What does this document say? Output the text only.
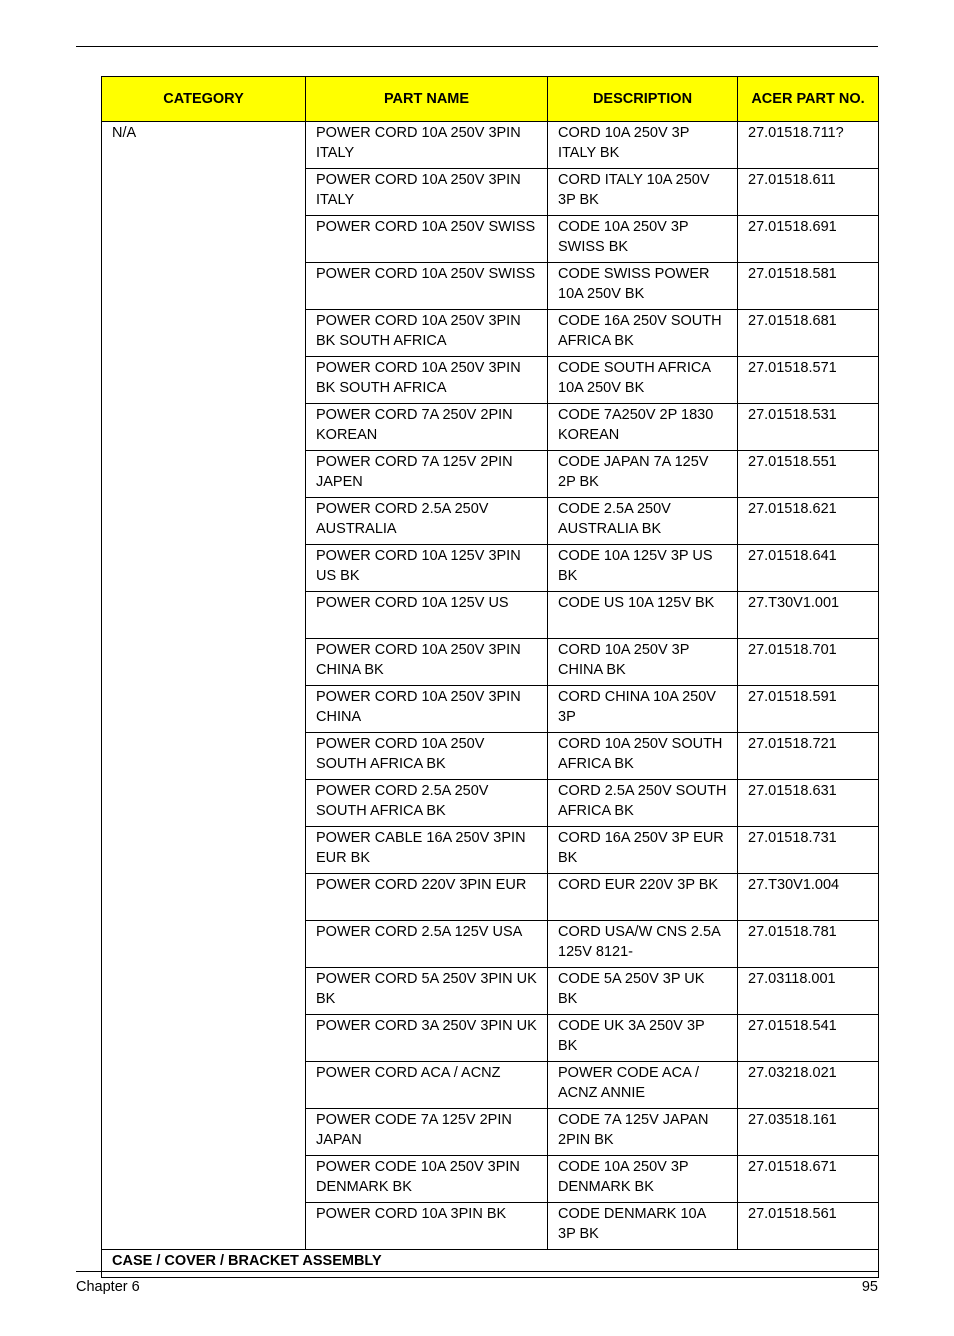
CATEGORY	PART NAME	DESCRIPTION	ACER PART NO.
N/A	POWER CORD 10A 250V 3PIN ITALY	CORD 10A 250V 3P ITALY BK	27.01518.711?
	POWER CORD 10A 250V 3PIN ITALY	CORD ITALY 10A 250V 3P BK	27.01518.611
	POWER CORD 10A 250V SWISS	CODE 10A 250V 3P SWISS BK	27.01518.691
	POWER CORD 10A 250V SWISS	CODE SWISS POWER 10A 250V BK	27.01518.581
	POWER CORD 10A 250V 3PIN BK SOUTH AFRICA	CODE 16A 250V SOUTH AFRICA BK	27.01518.681
	POWER CORD 10A 250V 3PIN BK SOUTH AFRICA	CODE SOUTH AFRICA 10A 250V BK	27.01518.571
	POWER CORD 7A 250V 2PIN KOREAN	CODE 7A250V 2P 1830 KOREAN	27.01518.531
	POWER CORD 7A 125V 2PIN JAPEN	CODE JAPAN 7A 125V 2P BK	27.01518.551
	POWER CORD 2.5A 250V AUSTRALIA	CODE 2.5A 250V AUSTRALIA BK	27.01518.621
	POWER CORD 10A 125V 3PIN US BK	CODE 10A 125V 3P US BK	27.01518.641
	POWER CORD 10A 125V US	CODE US 10A 125V BK	27.T30V1.001
	POWER CORD 10A 250V 3PIN CHINA BK	CORD 10A 250V 3P CHINA BK	27.01518.701
	POWER CORD 10A 250V 3PIN CHINA	CORD CHINA 10A 250V 3P	27.01518.591
	POWER CORD 10A 250V SOUTH AFRICA BK	CORD 10A 250V SOUTH AFRICA BK	27.01518.721
	POWER CORD 2.5A 250V SOUTH AFRICA BK	CORD 2.5A 250V SOUTH AFRICA BK	27.01518.631
	POWER CABLE 16A 250V 3PIN EUR BK	CORD 16A 250V 3P EUR BK	27.01518.731
	POWER CORD 220V 3PIN EUR	CORD EUR 220V 3P BK	27.T30V1.004
	POWER CORD 2.5A 125V USA	CORD USA/W CNS 2.5A 125V 8121-	27.01518.781
	POWER CORD 5A 250V 3PIN UK BK	CODE 5A 250V 3P UK BK	27.03118.001
	POWER CORD 3A 250V 3PIN UK	CODE UK 3A 250V 3P BK	27.01518.541
	POWER CORD ACA / ACNZ	POWER CODE ACA / ACNZ ANNIE	27.03218.021
	POWER CODE 7A 125V 2PIN JAPAN	CODE 7A 125V JAPAN 2PIN BK	27.03518.161
	POWER CODE 10A 250V 3PIN DENMARK BK	CODE 10A 250V 3P DENMARK BK	27.01518.671
	POWER CORD 10A 3PIN BK	CODE DENMARK 10A 3P BK	27.01518.561
CASE / COVER / BRACKET ASSEMBLY			
Chapter 6	95
